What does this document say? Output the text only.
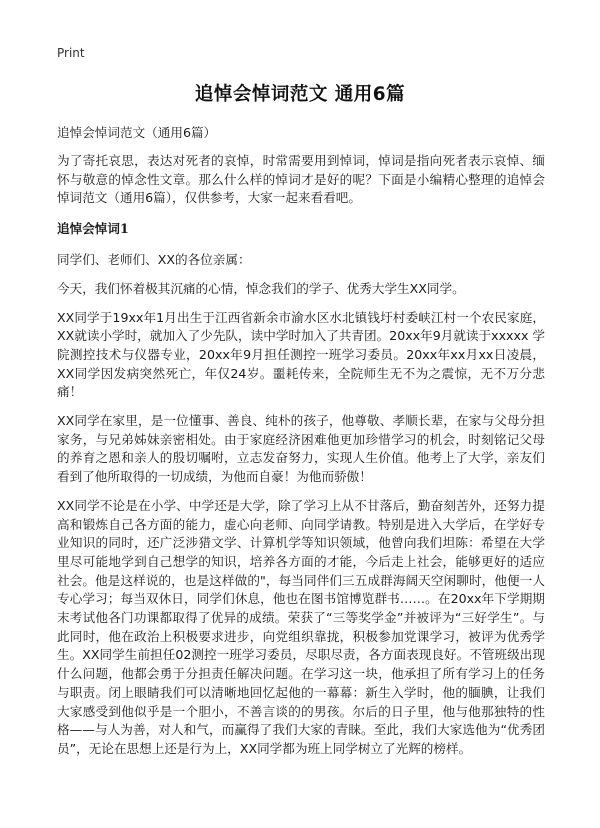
Print
追悼会悼词范文 通用6篇
追悼会悼词范文（通用6篇）

为了寄托哀思，表达对死者的哀悼，时常需要用到悼词，悼词是指向死者表示哀悼、缅怀与敬意的悼念性文章。那么什么样的悼词才是好的呢？下面是小编精心整理的追悼会悼词范文（通用6篇），仅供参考，大家一起来看看吧。

追悼会悼词1

同学们、老师们、XX的各位亲属：

今天，我们怀着极其沉痛的心情，悼念我们的学子、优秀大学生XX同学。

XX同学于19xx年1月出生于江西省新余市渝水区水北镇钱圩村委峡江村一个农民家庭，XX就读小学时，就加入了少先队，读中学时加入了共青团。20xx年9月就读于xxxxx 学院测控技术与仪器专业，20xx年9月担任测控一班学习委员。20xx年xx月xx日凌晨，XX同学因发病突然死亡，年仅24岁。噩耗传来，全院师生无不为之震惊，无不万分悲痛！

XX同学在家里，是一位懂事、善良、纯朴的孩子，他尊敬、孝顺长辈，在家与父母分担家务，与兄弟姊妹亲密相处。由于家庭经济困难他更加珍惜学习的机会，时刻铭记父母的养育之恩和亲人的殷切嘱咐，立志发奋努力，实现人生价值。他考上了大学，亲友们看到了他所取得的一切成绩，为他而自豪！为他而骄傲！

XX同学不论是在小学、中学还是大学，除了学习上从不甘落后，勤奋刻苦外，还努力提高和锻炼自己各方面的能力，虚心向老师、向同学请教。特别是进入大学后，在学好专业知识的同时，还广泛涉猎文学、计算机学等知识领域，他曾向我们坦陈：希望在大学里尽可能地学到自己想学的知识，培养各方面的才能，今后走上社会，能够更好的适应社会。他是这样说的，也是这样做的"，每当同伴们三五成群海阔天空闲聊时，他便一人专心学习；每当双休日，同学们休息，他也在图书馆博览群书……。在20xx年下学期期末考试他各门功课都取得了优异的成绩。荣获了“三等奖学金”并被评为“三好学生”。与此同时，他在政治上积极要求进步，向党组织靠拢，积极参加党课学习，被评为优秀学生。XX同学生前担任02测控一班学习委员，尽职尽责，各方面表现良好。不管班级出现什么问题，他都会勇于分担责任解决问题。在学习这一块，他承担了所有学习上的任务与职责。闭上眼睛我们可以清晰地回忆起他的一幕幕：新生入学时，他的腼腆，让我们大家感受到他似乎是一个胆小，不善言谈的的男孩。尔后的日子里，他与他那独特的性格——与人为善，对人和气，而赢得了我们大家的青睐。至此，我们大家选他为“优秀团员”，无论在思想上还是行为上，XX同学都为班上同学树立了光辉的榜样。
